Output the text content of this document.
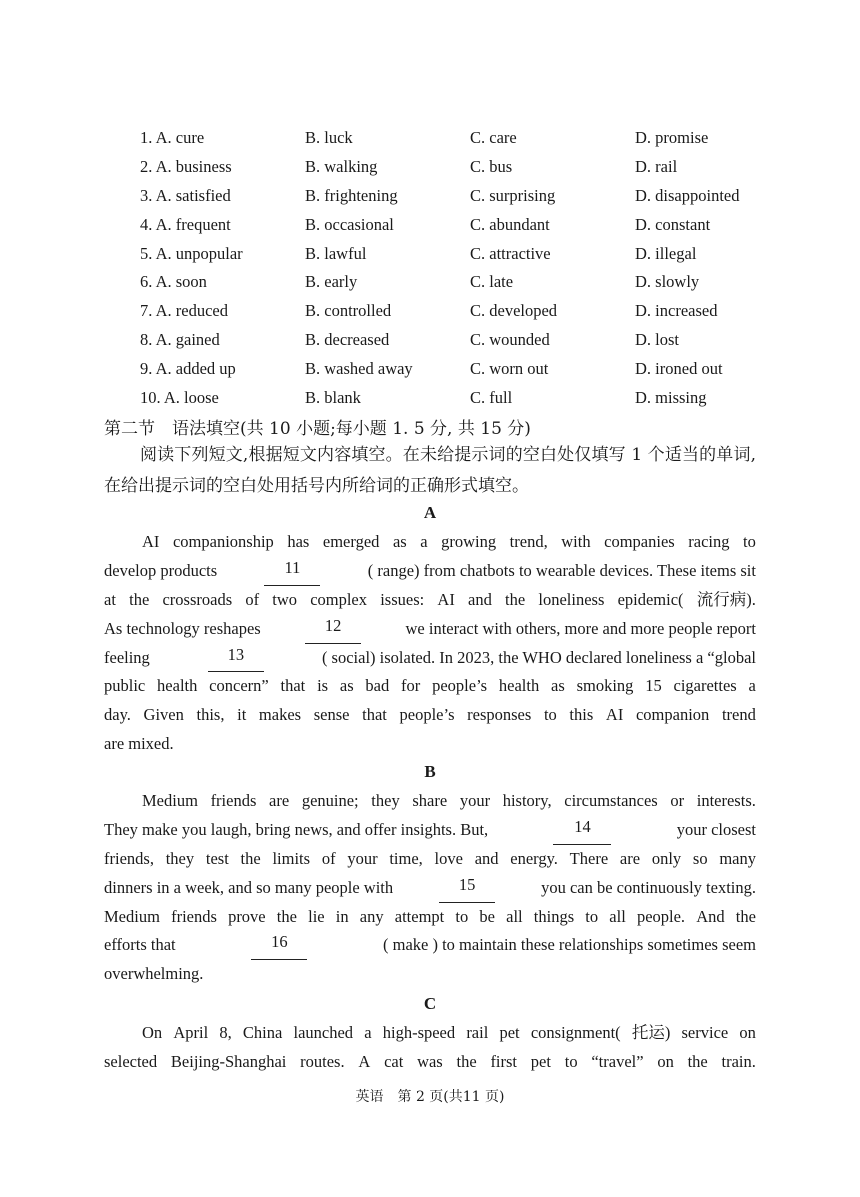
1. A. cure	B. luck	C. care	D. promise
2. A. business	B. walking	C. bus	D. rail
3. A. satisfied	B. frightening	C. surprising	D. disappointed
4. A. frequent	B. occasional	C. abundant	D. constant
5. A. unpopular	B. lawful	C. attractive	D. illegal
6. A. soon	B. early	C. late	D. slowly
7. A. reduced	B. controlled	C. developed	D. increased
8. A. gained	B. decreased	C. wounded	D. lost
9. A. added up	B. washed away	C. worn out	D. ironed out
10. A. loose	B. blank	C. full	D. missing
第二节　语法填空(共 10 小题;每小题 1. 5 分, 共 15 分)
阅读下列短文,根据短文内容填空。在未给提示词的空白处仅填写 1 个适当的单词, 在给出提示词的空白处用括号内所给词的正确形式填空。
A
AI companionship has emerged as a growing trend, with companies racing to
develop products	11	( range) from chatbots to wearable devices. These items sit
at the crossroads of two complex issues: AI and the loneliness epidemic( 流行病).
As technology reshapes	12	we interact with others, more and more people report
feeling	13	( social) isolated. In 2023, the WHO declared loneliness a “global
public health concern” that is as bad for people’s health as smoking 15 cigarettes a
day. Given this, it makes sense that people’s responses to this AI companion trend
are mixed.
B
Medium friends are genuine; they share your history, circumstances or interests.
They make you laugh, bring news, and offer insights. But,	14	your closest
friends, they test the limits of your time, love and energy. There are only so many
dinners in a week, and so many people with	15	you can be continuously texting.
Medium friends prove the lie in any attempt to be all things to all people. And the
efforts that	16	( make ) to maintain these relationships sometimes seem
overwhelming.
C
On April 8, China launched a high-speed rail pet consignment( 托运) service on
selected Beijing-Shanghai routes. A cat was the first pet to “travel” on the train.
英语　第 2 页(共11 页)
